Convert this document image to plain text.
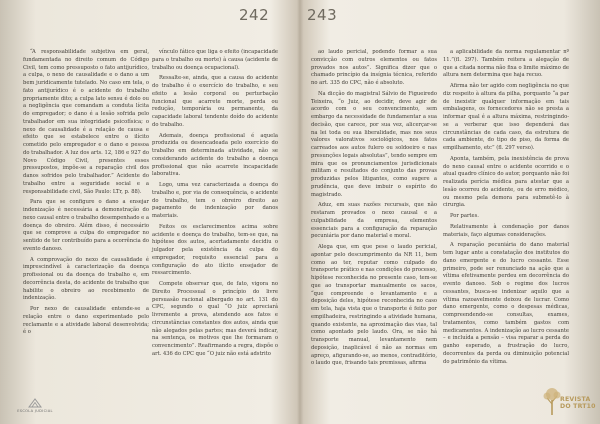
242

“A responsabilidade subjetiva em geral, fundamentada no direito comum do Código Civil, tem como pressuposto o fato antijurídico, a culpa, o nexo de causalidade e o dano a um bem juridicamente tutelado. No caso em tela, o fato antijurídico é o acidente do trabalho propriamente dito; a culpa lato sensu é dolo ou a negligência que comandam a conduta lícita do empregador; o dano é a lesão sofrida pelo trabalhador em sua integridade psicofísica; o nexo de causalidade é a relação de causa e efeito que se estabelece entre o ilícito cometido pelo empregador e o dano e pessoa do trabalhador. A luz dos arts. 12, 186 e 927 do Novo Código Civil, presentes esses pressupostos, impõe-se a reparação civil dos danos sofridos pelo trabalhador.” Acidente do trabalho entre a seguridade social e a responsabilidade civil, São Paulo: LTr, p. 88).

Para que se configure o dano a ensejar indenização é necessária a demonstração do nexo causal entre o trabalho desempenhado e a doença do obreiro. Além disso, é necessário que se comprove a culpa do empregador no sentido de ter contribuído para a ocorrência do evento danoso.

A comprovação do nexo de causalidade é imprescindível à caracterização da doença profissional ou da doença do trabalho e, em decorrência desta, do acidente de trabalho que habilite o obreiro ao recebimento de indenização.

Por nexo de causalidade entende-se a relação entre o dano experimentado pelo reclamante e a atividade laboral desenvolvida; é o

vínculo fático que liga o efeito (incapacidade para o trabalho ou morte) à causa (acidente de trabalho ou doença ocupacional).

Ressalte-se, ainda, que a causa do acidente do trabalho é o exercício do trabalho, e seu efeito a lesão corporal ou perturbação funcional que acarrete morte, perda ou redução, temporária ou permanente, da capacidade laboral tendente doído do acidente do trabalho.

Ademais, doença profissional é aquela produzida ou desencadeada pelo exercício do trabalho em determinada atividade, não se considerando acidente do trabalho a doença profissional que não acarrete incapacidade laborativa.

Logo, uma vez caracterizada a doença do trabalho e, por via de consequência, o acidente do trabalho, tem o obreiro direito ao pagamento de indenização por danos materiais.

Feitos os esclarecimentos acima sobre acidente e doença do trabalho, tem-se que, na hipótese dos autos, acertadamente decidiu o julgador pela existência da culpa do empregador, requisito essencial para a configuração do ato ilícito ensejador de ressarcimento.

Compete observar que, de fato, vigora no Direito Processual o princípio do livre persuasão racional albergado no art. 131 do CPC, segundo o qual “O juiz apreciará livremente a prova, atendendo aos fatos e circunstâncias constantes dos autos, ainda que não alegados pelas partes; mas deverá indicar, na sentença, os motivos que lhe formaram o convencimento”. Reafirmando a regra, dispõe o art. 436 do CPC que “O juiz não está adstrito

ESCOLA JUDICIAL
243

ao laudo pericial, podendo formar a sua convicção com outros elementos ou fatos provados nos autos”. Significa dizer que o chamado princípio da insígnia técnica, referido no art. 335 do CPC, não é absoluto.

Na dicção do magistral Sálvio de Figueiredo Teixeira, “o Juiz, ao decidir, deve agir de acordo com o seu convencimento, sem embargo da necessidade de fundamentar a sua decisão, que carece, por sua vez, alicerçar-se na lei toda ou sua liberalidade, mas nos seus valores valorativos sociológicos, nos fatos carreados aos autos fulero ou soldoeiro e nas presunções legais absolutas”, tendo sempre em mira que os pronunciamentos jurisdicionais militam e resultados do conjunto das provas produzidas pelos litigantes, como sugere a prudência, que deve imbuir o espírito do magistrado.

Aduz, em suas razões recursais, que não restaram provados o nexo causal e a culpabilidade da empresa, elementos essenciais para a configuração da reparação pecuniária por dano material e moral.

Alega que, em que pese o laudo pericial, apontar pelo descumprimento da NR 11, bem como ao ter, reputar como culpado do transporte prático e nas condições do processo, hipótese reconhecida no presente caso, tem-se que ao transportar manualmente os sacos, “que compreende o levantamento e a deposição deles, hipótese reconhecida no caso em tela, haja vista que o transporte é feito por empilhadeira, restringindo a atividade humana, quando existente, na aproximação das vias, tal como apontado pelo laudo. Ora, se não há transporte manual, levantamento nem deposição, inaplicável é não as normas em apreço, afigurando-se, ao menos, contraditório, o laudo que, frisando tais premissas, afirma

a aplicabilidade da norma regulamentar nº 11.”(fl. 297). Também reitera a alegação de que a citada norma não fixa o limite máximo de altura nem determina que haja recuo.

Afirma não ter agido com negligência no que diz respeito à altura da pilha, porquanto “a par de inexistir qualquer informação em tais embalagens, os fornecedores não se presta a informar qual é a altura máxima, restringindo-se a verberar que isso dependerá das circunstâncias de cada caso, da estrutura de cada ambiente, do tipo de piso, da forma de empilhamento, etc” (fl. 297 verso).

Aponta, também, pela inexistência de prova do nexo causal entre o acidente ocorrido e o atual quadro clínico do autor, porquanto não foi realizada perícia médica para atestar que a lesão ocorreu do acidente, ou de erro médico, ou mesmo pela demora para submetê-lo à cirurgia.

Por partes.

Relativamente à condenação por danos materiais, faço algumas considerações.

A reparação pecuniária do dano material tem lugar ante a constatação dos institutos do dano emergente e do lucro cessante. Esse primeiro, pode ser renunciado na ação que a vítima efetivamente perdeu em decorrência do evento danoso. Sob o regime dos lucros cessantes, busca-se indenizar aquilo que a vítima razoavelmente deixou de lucrar. Como dano emergente, como o despesas médicas, compreendendo-se consultas, exames, tratamentos, como também gastos com medicamentos. A indenização ao lucro cessante – e incluída a pensão – visa reparar a perda do ganho esperado, a frustração do lucro, decorrentes da perda ou diminuição potencial do patrimônio da vítima.

REVISTA
DO TRT10
